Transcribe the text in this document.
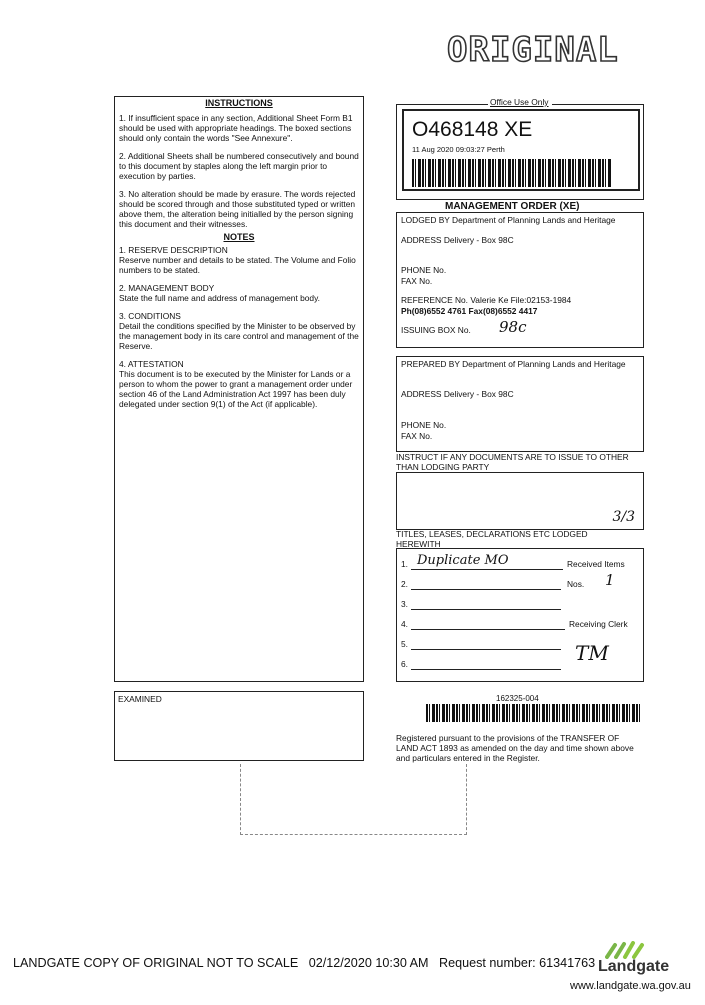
ORIGINAL
INSTRUCTIONS
1. If insufficient space in any section, Additional Sheet Form B1 should be used with appropriate headings. The boxed sections should only contain the words "See Annexure".
2. Additional Sheets shall be numbered consecutively and bound to this document by staples along the left margin prior to execution by parties.
3. No alteration should be made by erasure. The words rejected should be scored through and those substituted typed or written above them, the alteration being initialled by the person signing this document and their witnesses.
NOTES
1. RESERVE DESCRIPTION
Reserve number and details to be stated. The Volume and Folio numbers to be stated.
2. MANAGEMENT BODY
State the full name and address of management body.
3. CONDITIONS
Detail the conditions specified by the Minister to be observed by the management body in its care control and management of the Reserve.
4. ATTESTATION
This document is to be executed by the Minister for Lands or a person to whom the power to grant a management order under section 46 of the Land Administration Act 1997 has been duly delegated under section 9(1) of the Act (if applicable).
Office Use Only
O468148 XE
11 Aug 2020 09:03:27 Perth
MANAGEMENT ORDER (XE)
LODGED BY Department of Planning Lands and Heritage
ADDRESS Delivery - Box 98C
PHONE No.
FAX No.
REFERENCE No. Valerie Ke File:02153-1984
Ph(08)6552 4761 Fax(08)6552 4417
ISSUING BOX No. 98c
PREPARED BY Department of Planning Lands and Heritage
ADDRESS Delivery - Box 98C
PHONE No.
FAX No.
INSTRUCT IF ANY DOCUMENTS ARE TO ISSUE TO OTHER THAN LODGING PARTY
3/3
TITLES, LEASES, DECLARATIONS ETC LODGED HEREWITH
1. Duplicate MO	Received Items
2.	Nos. 1
3.
4.	Receiving Clerk
5.	TM
6.
EXAMINED	162325-004
Registered pursuant to the provisions of the TRANSFER OF LAND ACT 1893 as amended on the day and time shown above and particulars entered in the Register.
LANDGATE COPY OF ORIGINAL NOT TO SCALE   02/12/2020 10:30 AM   Request number: 61341763 Landgate
www.landgate.wa.gov.au
